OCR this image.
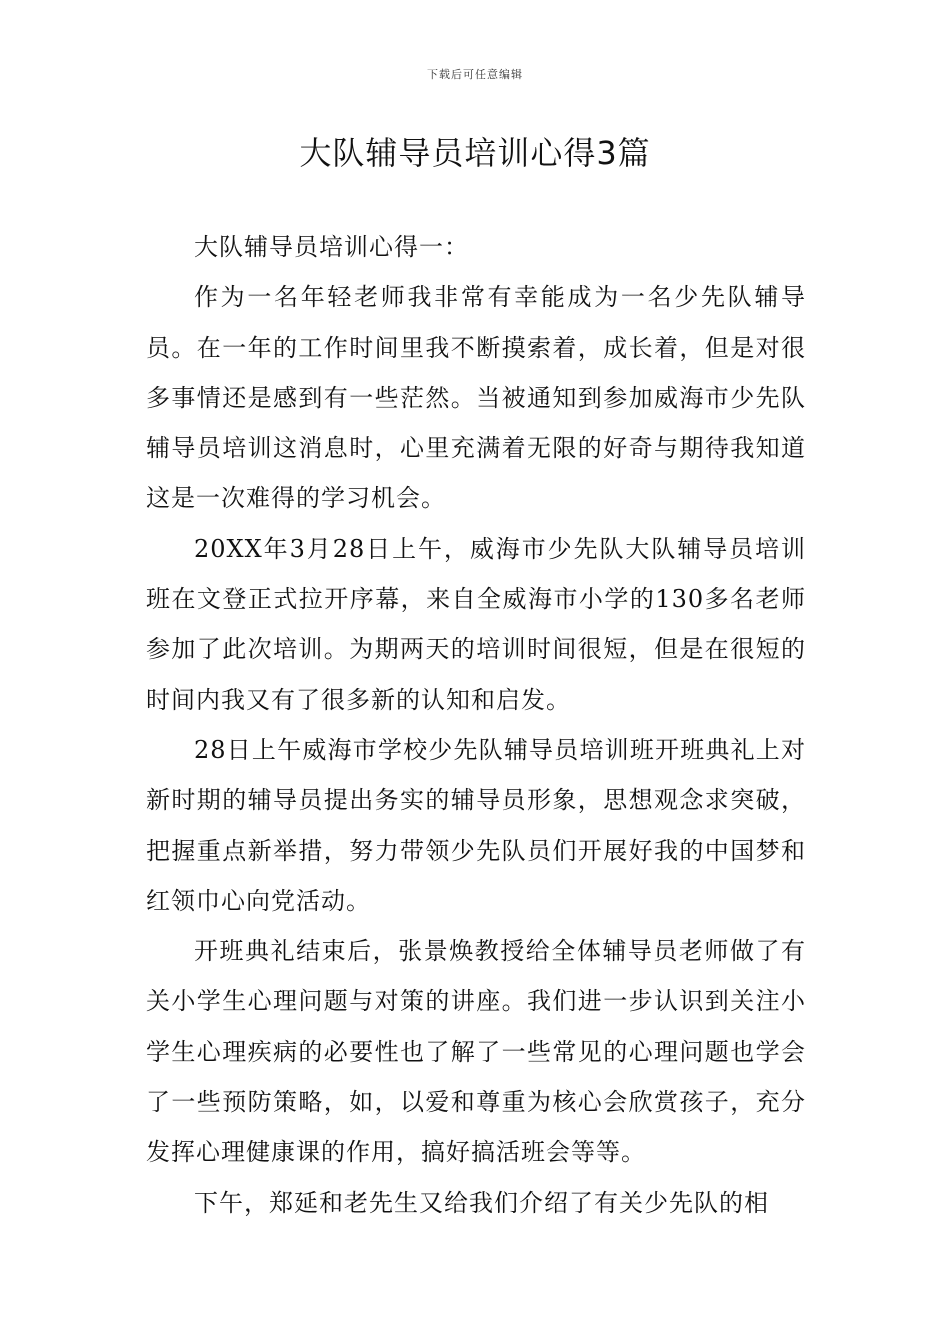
下载后可任意编辑
大队辅导员培训心得3篇

大队辅导员培训心得一：

作为一名年轻老师我非常有幸能成为一名少先队辅导员。在一年的工作时间里我不断摸索着，成长着，但是对很多事情还是感到有一些茫然。当被通知到参加威海市少先队辅导员培训这消息时，心里充满着无限的好奇与期待我知道这是一次难得的学习机会。

20XX年3月28日上午，威海市少先队大队辅导员培训班在文登正式拉开序幕，来自全威海市小学的130多名老师参加了此次培训。为期两天的培训时间很短，但是在很短的时间内我又有了很多新的认知和启发。

28日上午威海市学校少先队辅导员培训班开班典礼上对新时期的辅导员提出务实的辅导员形象，思想观念求突破，把握重点新举措，努力带领少先队员们开展好我的中国梦和红领巾心向党活动。

开班典礼结束后，张景焕教授给全体辅导员老师做了有关小学生心理问题与对策的讲座。我们进一步认识到关注小学生心理疾病的必要性也了解了一些常见的心理问题也学会了一些预防策略，如，以爱和尊重为核心会欣赏孩子，充分发挥心理健康课的作用，搞好搞活班会等等。

下午，郑延和老先生又给我们介绍了有关少先队的相
